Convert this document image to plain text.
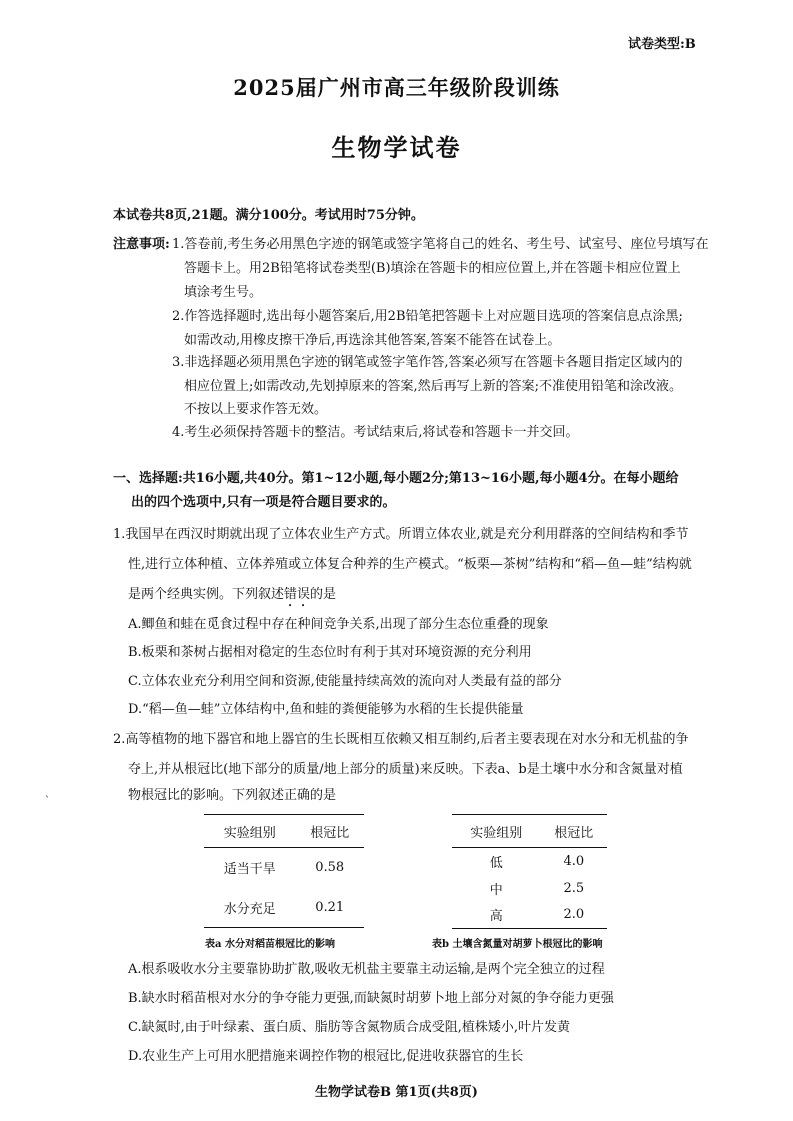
试卷类型:B
2025届广州市高三年级阶段训练
生物学试卷
本试卷共8页,21题。满分100分。考试用时75分钟。
注意事项: 1.答卷前,考生务必用黑色字迹的钢笔或签字笔将自己的姓名、考生号、试室号、座位号填写在
答题卡上。用2B铅笔将试卷类型(B)填涂在答题卡的相应位置上,并在答题卡相应位置上
填涂考生号。
2.作答选择题时,选出每小题答案后,用2B铅笔把答题卡上对应题目选项的答案信息点涂黑;
如需改动,用橡皮擦干净后,再选涂其他答案,答案不能答在试卷上。
3.非选择题必须用黑色字迹的钢笔或签字笔作答,答案必须写在答题卡各题目指定区域内的
相应位置上;如需改动,先划掉原来的答案,然后再写上新的答案;不准使用铅笔和涂改液。
不按以上要求作答无效。
4.考生必须保持答题卡的整洁。考试结束后,将试卷和答题卡一并交回。
一、选择题:共16小题,共40分。第1~12小题,每小题2分;第13~16小题,每小题4分。在每小题给
出的四个选项中,只有一项是符合题目要求的。
1.我国早在西汉时期就出现了立体农业生产方式。所谓立体农业,就是充分利用群落的空间结构和季节
性,进行立体种植、立体养殖或立体复合种养的生产模式。“板栗—茶树”结构和“稻—鱼—蛙”结构就
是两个经典实例。下列叙述错误的是
A.鲫鱼和蛙在觅食过程中存在种间竞争关系,出现了部分生态位重叠的现象
B.板栗和茶树占据相对稳定的生态位时有利于其对环境资源的充分利用
C.立体农业充分利用空间和资源,使能量持续高效的流向对人类最有益的部分
D.“稻—鱼—蛙”立体结构中,鱼和蛙的粪便能够为水稻的生长提供能量
2.高等植物的地下器官和地上器官的生长既相互依赖又相互制约,后者主要表现在对水分和无机盐的争
夺上,并从根冠比(地下部分的质量/地上部分的质量)来反映。下表a、b是土壤中水分和含氮量对植
物根冠比的影响。下列叙述正确的是
ˋ
实验组别	根冠比
适当干旱	0.58
水分充足	0.21
表a 水分对稻苗根冠比的影响
实验组别	根冠比
低	4.0
中	2.5
高	2.0
表b 土壤含氮量对胡萝卜根冠比的影响
A.根系吸收水分主要靠协助扩散,吸收无机盐主要靠主动运输,是两个完全独立的过程
B.缺水时稻苗根对水分的争夺能力更强,而缺氮时胡萝卜地上部分对氮的争夺能力更强
C.缺氮时,由于叶绿素、蛋白质、脂肪等含氮物质合成受阻,植株矮小,叶片发黄
D.农业生产上可用水肥措施来调控作物的根冠比,促进收获器官的生长
生物学试卷B 第1页(共8页)
